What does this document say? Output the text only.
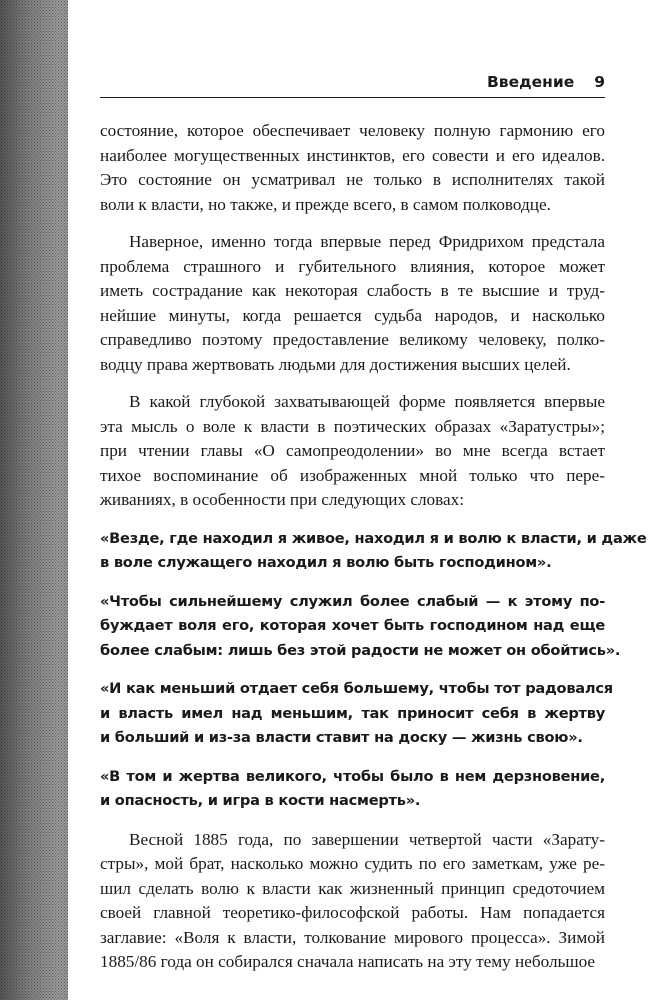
Введение 9
состояние, которое обеспечивает человеку полную гармонию его
наиболее могущественных инстинктов, его совести и его идеалов.
Это состояние он усматривал не только в исполнителях такой
воли к власти, но также, и прежде всего, в самом полководце.
Наверное, именно тогда впервые перед Фридрихом предстала
проблема страшного и губительного влияния, которое может
иметь сострадание как некоторая слабость в те высшие и труд-
нейшие минуты, когда решается судьба народов, и насколько
справедливо поэтому предоставление великому человеку, полко-
водцу права жертвовать людьми для достижения высших целей.
В какой глубокой захватывающей форме появляется впервые
эта мысль о воле к власти в поэтических образах «Заратустры»;
при чтении главы «О самопреодолении» во мне всегда встает
тихое воспоминание об изображенных мной только что пере-
живаниях, в особенности при следующих словах:
«Везде, где находил я живое, находил я и волю к власти, и даже
в воле служащего находил я волю быть господином».
«Чтобы сильнейшему служил более слабый — к этому по-
буждает воля его, которая хочет быть господином над еще
более слабым: лишь без этой радости не может он обойтись».
«И как меньший отдает себя большему, чтобы тот радовался
и власть имел над меньшим, так приносит себя в жертву
и больший и из-за власти ставит на доску — жизнь свою».
«В том и жертва великого, чтобы было в нем дерзновение,
и опасность, и игра в кости насмерть».
Весной 1885 года, по завершении четвертой части «Зарату-
стры», мой брат, насколько можно судить по его заметкам, уже ре-
шил сделать волю к власти как жизненный принцип средоточием
своей главной теоретико-философской работы. Нам попадается
заглавие: «Воля к власти, толкование мирового процесса». Зимой
1885/86 года он собирался сначала написать на эту тему небольшое
